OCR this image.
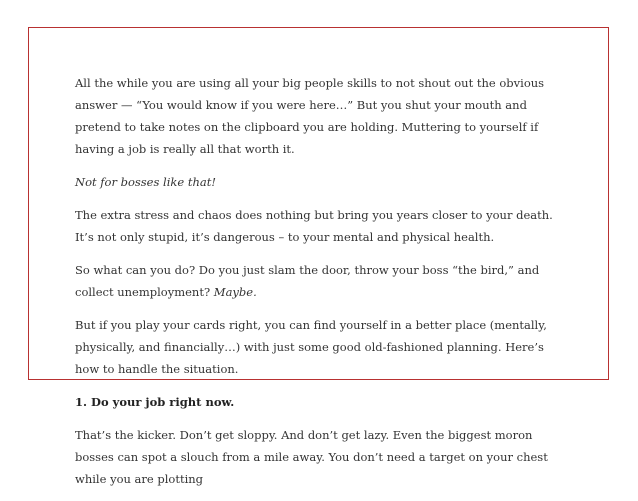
All the while you are using all your big people skills to not shout out the obvious answer — “You would know if you were here…” But you shut your mouth and pretend to take notes on the clipboard you are holding. Muttering to yourself if having a job is really all that worth it.

Not for bosses like that!

The extra stress and chaos does nothing but bring you years closer to your death. It’s not only stupid, it’s dangerous – to your mental and physical health.

So what can you do? Do you just slam the door, throw your boss “the bird,” and collect unemployment? Maybe.

But if you play your cards right, you can find yourself in a better place (mentally, physically, and financially…) with just some good old-fashioned planning. Here’s how to handle the situation.

1. Do your job right now.

That’s the kicker. Don’t get sloppy. And don’t get lazy. Even the biggest moron bosses can spot a slouch from a mile away. You don’t need a target on your chest while you are plotting
